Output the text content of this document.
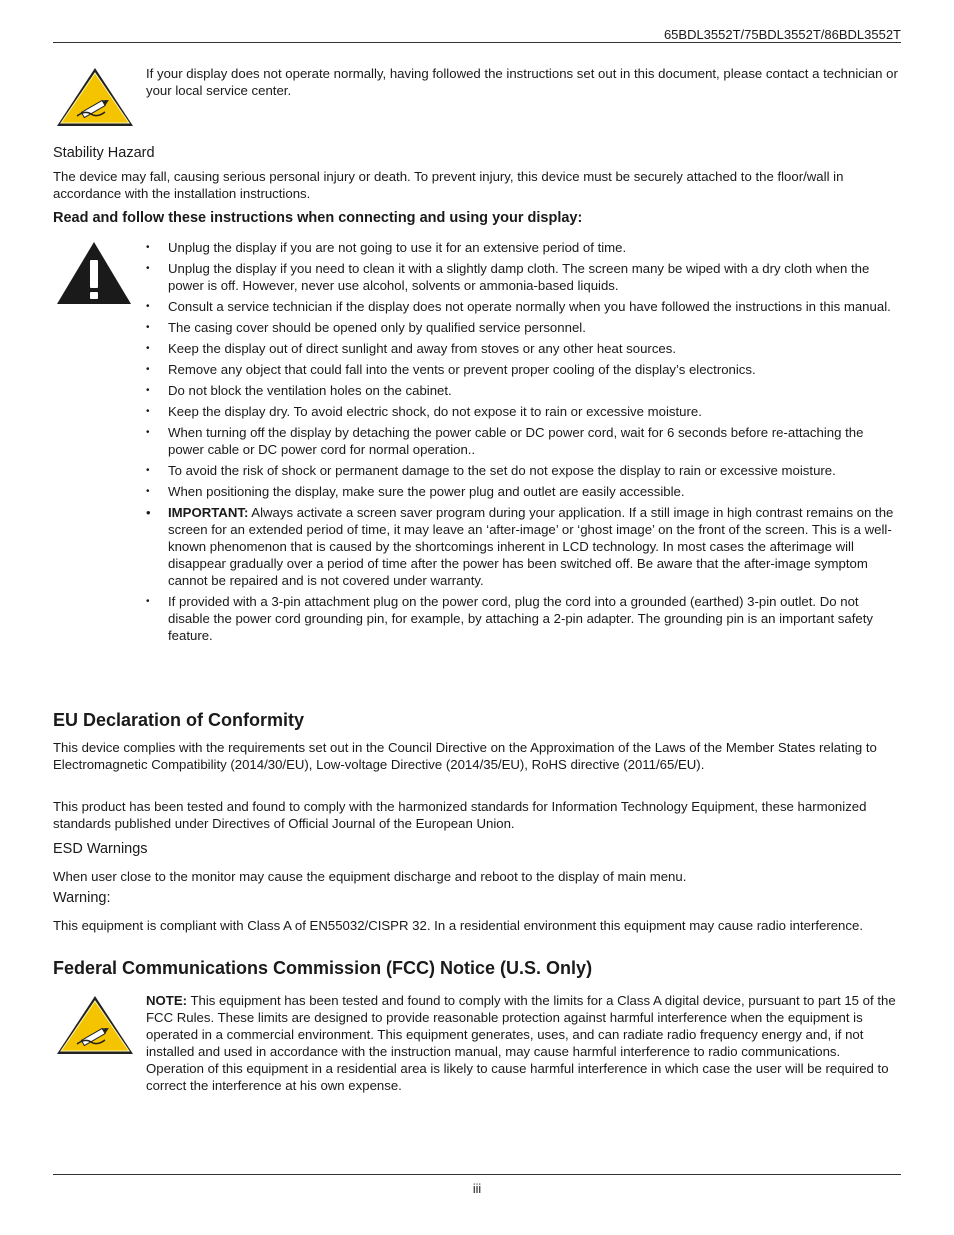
65BDL3552T/75BDL3552T/86BDL3552T
If your display does not operate normally, having followed the instructions set out in this document, please contact a technician or your local service center.
Stability Hazard
The device may fall, causing serious personal injury or death. To prevent injury, this device must be securely attached to the floor/wall in accordance with the installation instructions.
Read and follow these instructions when connecting and using your display:
• Unplug the display if you are not going to use it for an extensive period of time.
• Unplug the display if you need to clean it with a slightly damp cloth. The screen many be wiped with a dry cloth when the power is off. However, never use alcohol, solvents or ammonia-based liquids.
• Consult a service technician if the display does not operate normally when you have followed the instructions in this manual.
• The casing cover should be opened only by qualified service personnel.
• Keep the display out of direct sunlight and away from stoves or any other heat sources.
• Remove any object that could fall into the vents or prevent proper cooling of the display’s electronics.
• Do not block the ventilation holes on the cabinet.
• Keep the display dry. To avoid electric shock, do not expose it to rain or excessive moisture.
• When turning off the display by detaching the power cable or DC power cord, wait for 6 seconds before re-attaching the power cable or DC power cord for normal operation..
• To avoid the risk of shock or permanent damage to the set do not expose the display to rain or excessive moisture.
• When positioning the display, make sure the power plug and outlet are easily accessible.
• IMPORTANT: Always activate a screen saver program during your application. If a still image in high contrast remains on the screen for an extended period of time, it may leave an ‘after-image’ or ‘ghost image’ on the front of the screen. This is a well-known phenomenon that is caused by the shortcomings inherent in LCD technology. In most cases the afterimage will disappear gradually over a period of time after the power has been switched off. Be aware that the after-image symptom cannot be repaired and is not covered under warranty.
• If provided with a 3-pin attachment plug on the power cord, plug the cord into a grounded (earthed) 3-pin outlet. Do not disable the power cord grounding pin, for example, by attaching a 2-pin adapter. The grounding pin is an important safety feature.
EU Declaration of Conformity
This device complies with the requirements set out in the Council Directive on the Approximation of the Laws of the Member States relating to Electromagnetic Compatibility (2014/30/EU), Low-voltage Directive (2014/35/EU), RoHS directive (2011/65/EU).
This product has been tested and found to comply with the harmonized standards for Information Technology Equipment, these harmonized standards published under Directives of Official Journal of the European Union.
ESD Warnings
When user close to the monitor may cause the equipment discharge and reboot to the display of main menu.
Warning:
This equipment is compliant with Class A of EN55032/CISPR 32. In a residential environment this equipment may cause radio interference.
Federal Communications Commission (FCC) Notice (U.S. Only)
NOTE: This equipment has been tested and found to comply with the limits for a Class A digital device, pursuant to part 15 of the FCC Rules. These limits are designed to provide reasonable protection against harmful interference when the equipment is operated in a commercial environment. This equipment generates, uses, and can radiate radio frequency energy and, if not installed and used in accordance with the instruction manual, may cause harmful interference to radio communications. Operation of this equipment in a residential area is likely to cause harmful interference in which case the user will be required to correct the interference at his own expense.
iii
